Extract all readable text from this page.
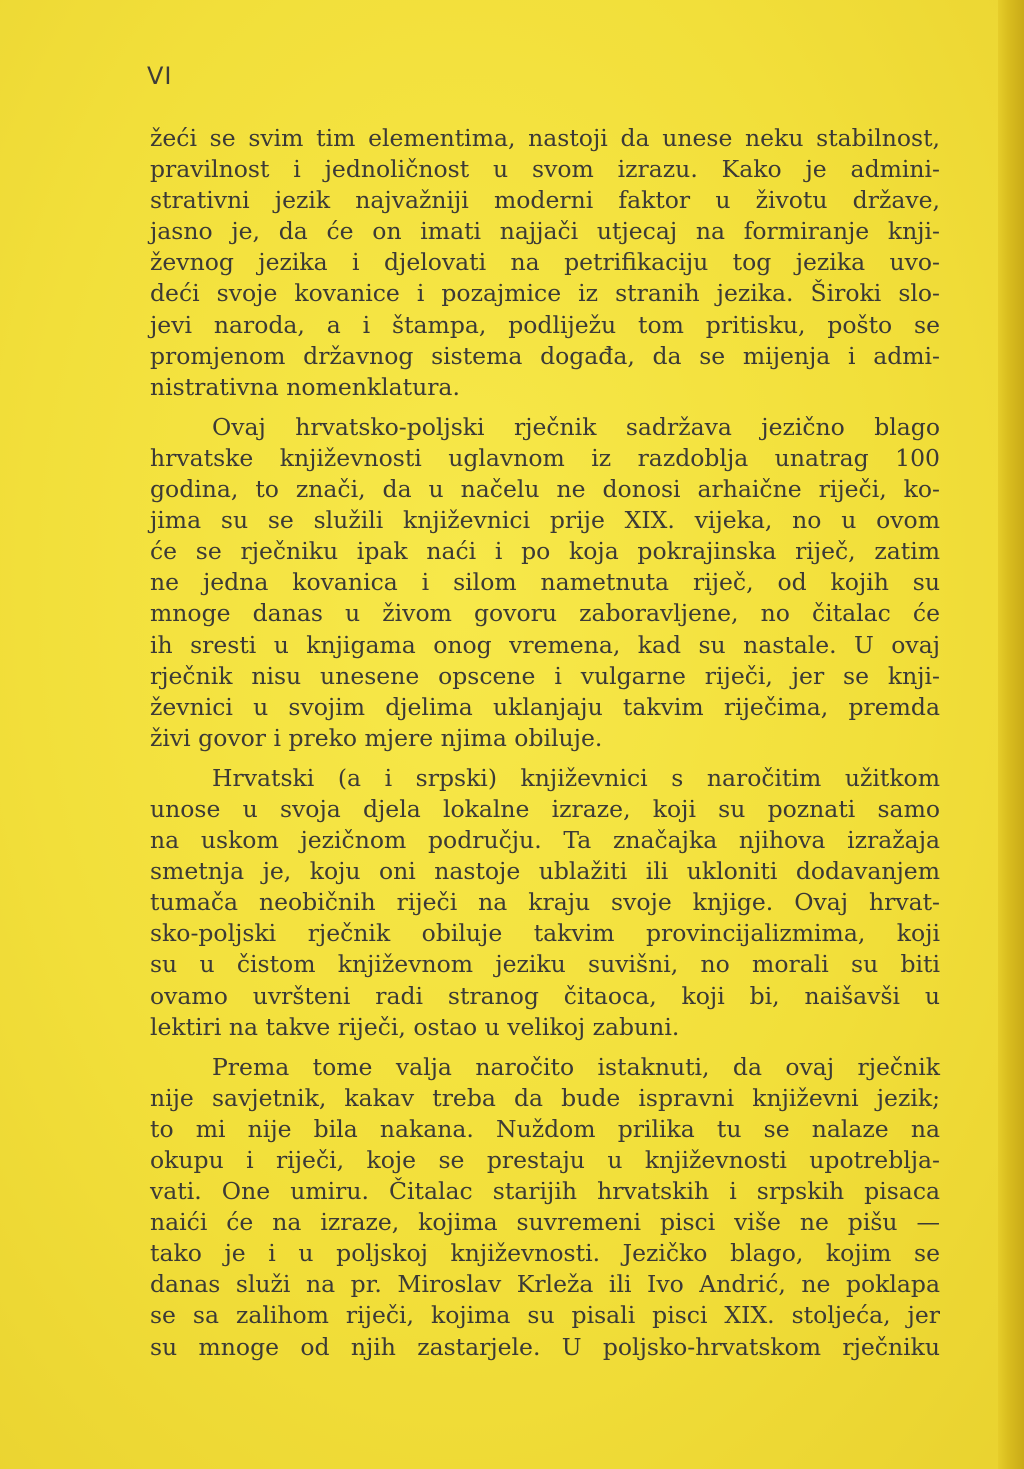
VI
žeći se svim tim elementima, nastoji da unese neku stabilnost,
pravilnost i jednoličnost u svom izrazu. Kako je admini-
strativni jezik najvažniji moderni faktor u životu države,
jasno je, da će on imati najjači utjecaj na formiranje knji-
ževnog jezika i djelovati na petrifikaciju tog jezika uvo-
deći svoje kovanice i pozajmice iz stranih jezika. Široki slo-
jevi naroda, a i štampa, podliježu tom pritisku, pošto se
promjenom državnog sistema događa, da se mijenja i admi-
nistrativna nomenklatura.
Ovaj hrvatsko-poljski rječnik sadržava jezično blago
hrvatske književnosti uglavnom iz razdoblja unatrag 100
godina, to znači, da u načelu ne donosi arhaične riječi, ko-
jima su se služili književnici prije XIX. vijeka, no u ovom
će se rječniku ipak naći i po koja pokrajinska riječ, zatim
ne jedna kovanica i silom nametnuta riječ, od kojih su
mnoge danas u živom govoru zaboravljene, no čitalac će
ih sresti u knjigama onog vremena, kad su nastale. U ovaj
rječnik nisu unesene opscene i vulgarne riječi, jer se knji-
ževnici u svojim djelima uklanjaju takvim riječima, premda
živi govor i preko mjere njima obiluje.
Hrvatski (a i srpski) književnici s naročitim užitkom
unose u svoja djela lokalne izraze, koji su poznati samo
na uskom jezičnom području. Ta značajka njihova izražaja
smetnja je, koju oni nastoje ublažiti ili ukloniti dodavanjem
tumača neobičnih riječi na kraju svoje knjige. Ovaj hrvat-
sko-poljski rječnik obiluje takvim provincijalizmima, koji
su u čistom književnom jeziku suvišni, no morali su biti
ovamo uvršteni radi stranog čitaoca, koji bi, naišavši u
lektiri na takve riječi, ostao u velikoj zabuni.
Prema tome valja naročito istaknuti, da ovaj rječnik
nije savjetnik, kakav treba da bude ispravni književni jezik;
to mi nije bila nakana. Nuždom prilika tu se nalaze na
okupu i riječi, koje se prestaju u književnosti upotreblja-
vati. One umiru. Čitalac starijih hrvatskih i srpskih pisaca
naići će na izraze, kojima suvremeni pisci više ne pišu —
tako je i u poljskoj književnosti. Jezičko blago, kojim se
danas služi na pr. Miroslav Krleža ili Ivo Andrić, ne poklapa
se sa zalihom riječi, kojima su pisali pisci XIX. stoljeća, jer
su mnoge od njih zastarjele. U poljsko-hrvatskom rječniku
